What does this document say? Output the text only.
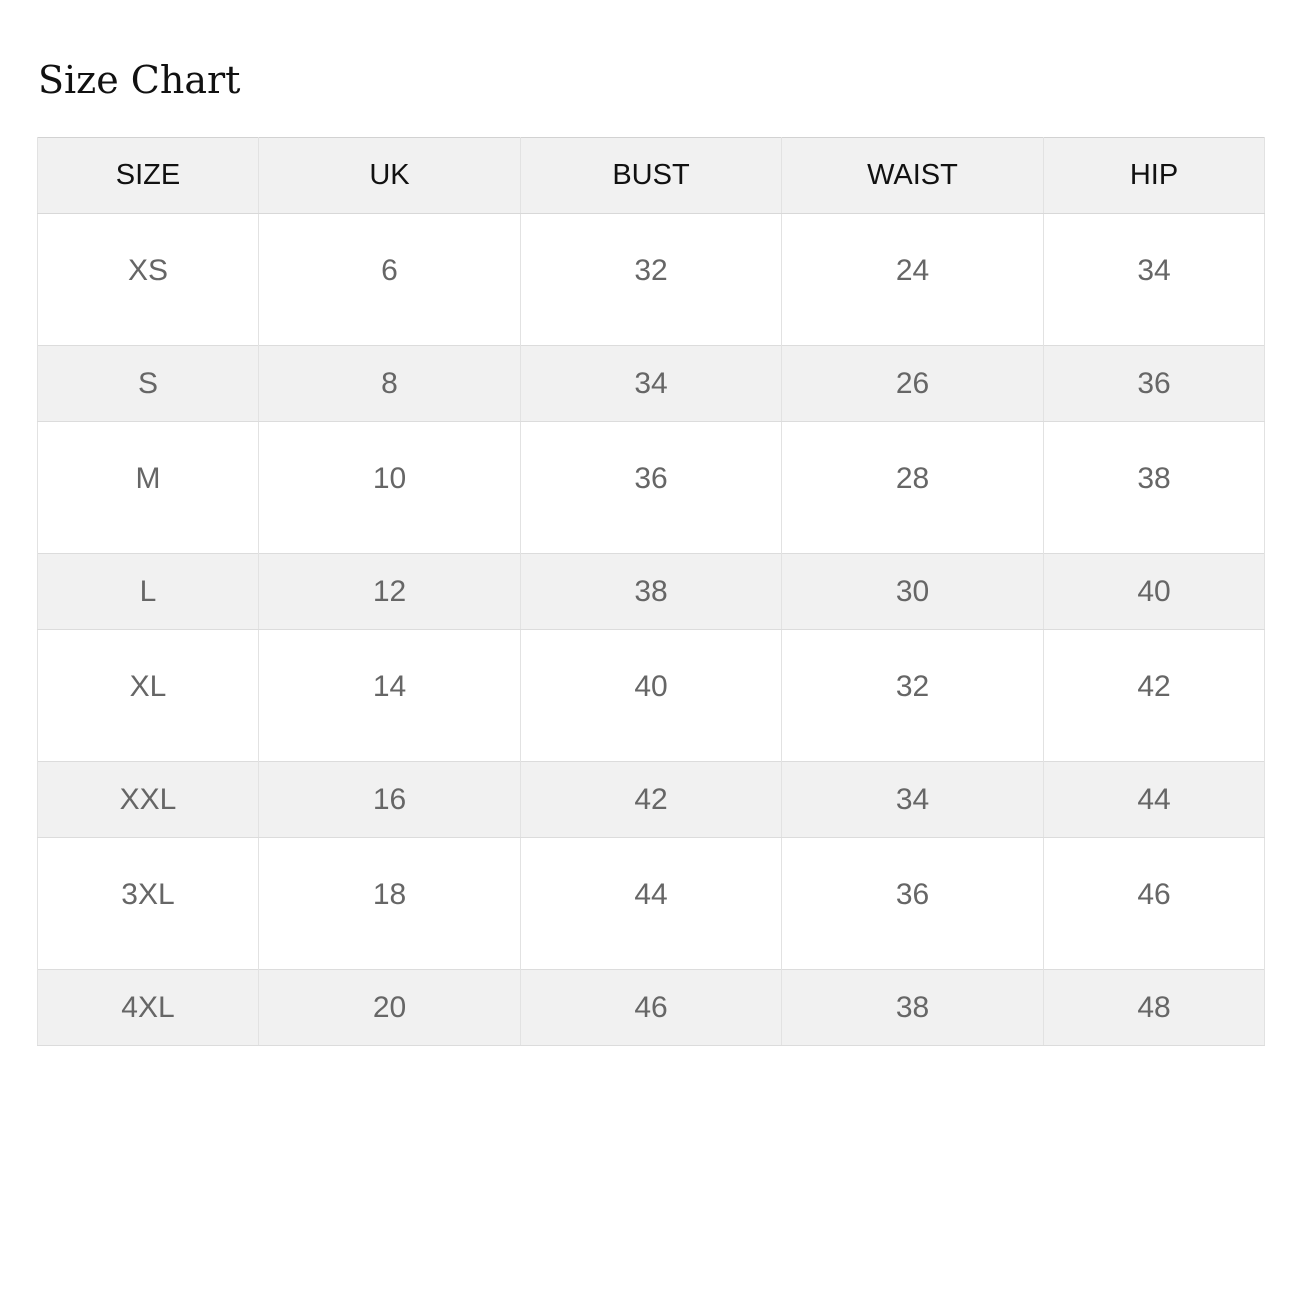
Size Chart
SIZE	UK	BUST	WAIST	HIP
XS	6	32	24	34
S	8	34	26	36
M	10	36	28	38
L	12	38	30	40
XL	14	40	32	42
XXL	16	42	34	44
3XL	18	44	36	46
4XL	20	46	38	48
